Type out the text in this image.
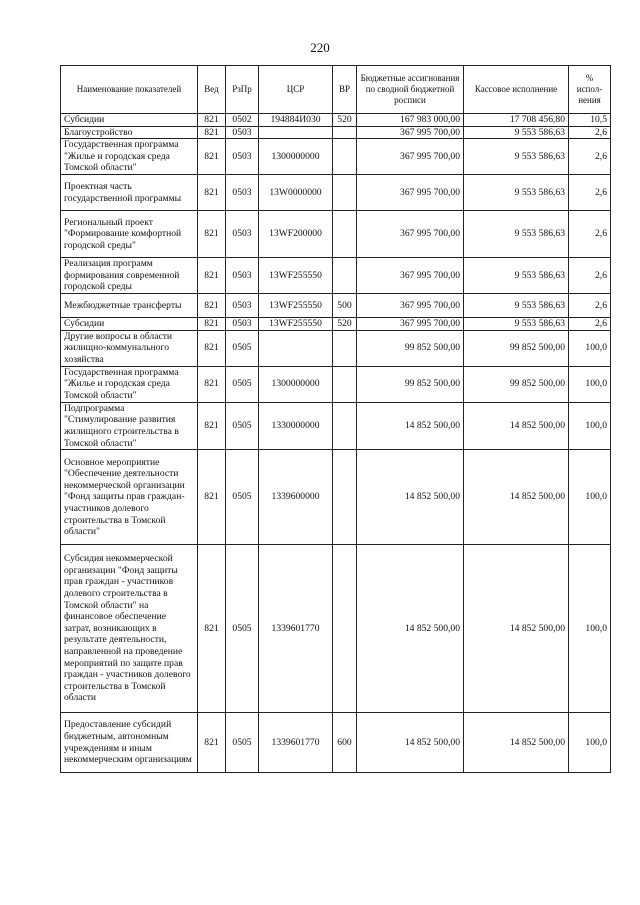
220
Наименование показателей	Вед	РзПр	ЦСР	ВР	Бюджетные ассигнования по сводной бюджетной росписи	Кассовое исполнение	% испол-нения
Субсидии	821	0502	194884И030	520	167 983 000,00	17 708 456,80	10,5
Благоустройство	821	0503			367 995 700,00	9 553 586,63	2,6
Государственная программа "Жилье и городская среда Томской области"	821	0503	1300000000		367 995 700,00	9 553 586,63	2,6
Проектная часть государственной программы	821	0503	13W0000000		367 995 700,00	9 553 586,63	2,6
Региональный проект "Формирование комфортной городской среды"	821	0503	13WF200000		367 995 700,00	9 553 586,63	2,6
Реализация программ формирования современной городской среды	821	0503	13WF255550		367 995 700,00	9 553 586,63	2,6
Межбюджетные трансферты	821	0503	13WF255550	500	367 995 700,00	9 553 586,63	2,6
Субсидии	821	0503	13WF255550	520	367 995 700,00	9 553 586,63	2,6
Другие вопросы в области жилищно-коммунального хозяйства	821	0505			99 852 500,00	99 852 500,00	100,0
Государственная программа "Жилье и городская среда Томской области"	821	0505	1300000000		99 852 500,00	99 852 500,00	100,0
Подпрограмма "Стимулирование развития жилищного строительства в Томской области"	821	0505	1330000000		14 852 500,00	14 852 500,00	100,0
Основное мероприятие "Обеспечение деятельности некоммерческой организации "Фонд защиты прав граждан-участников долевого строительства в Томской области"	821	0505	1339600000		14 852 500,00	14 852 500,00	100,0
Субсидия некоммерческой организации "Фонд защиты прав граждан - участников долевого строительства в Томской области" на финансовое обеспечение затрат, возникающих в результате деятельности, направленной на проведение мероприятий по защите прав граждан - участников долевого строительства в Томской области	821	0505	1339601770		14 852 500,00	14 852 500,00	100,0
Предоставление субсидий бюджетным, автономным учреждениям и иным некоммерческим организациям	821	0505	1339601770	600	14 852 500,00	14 852 500,00	100,0
